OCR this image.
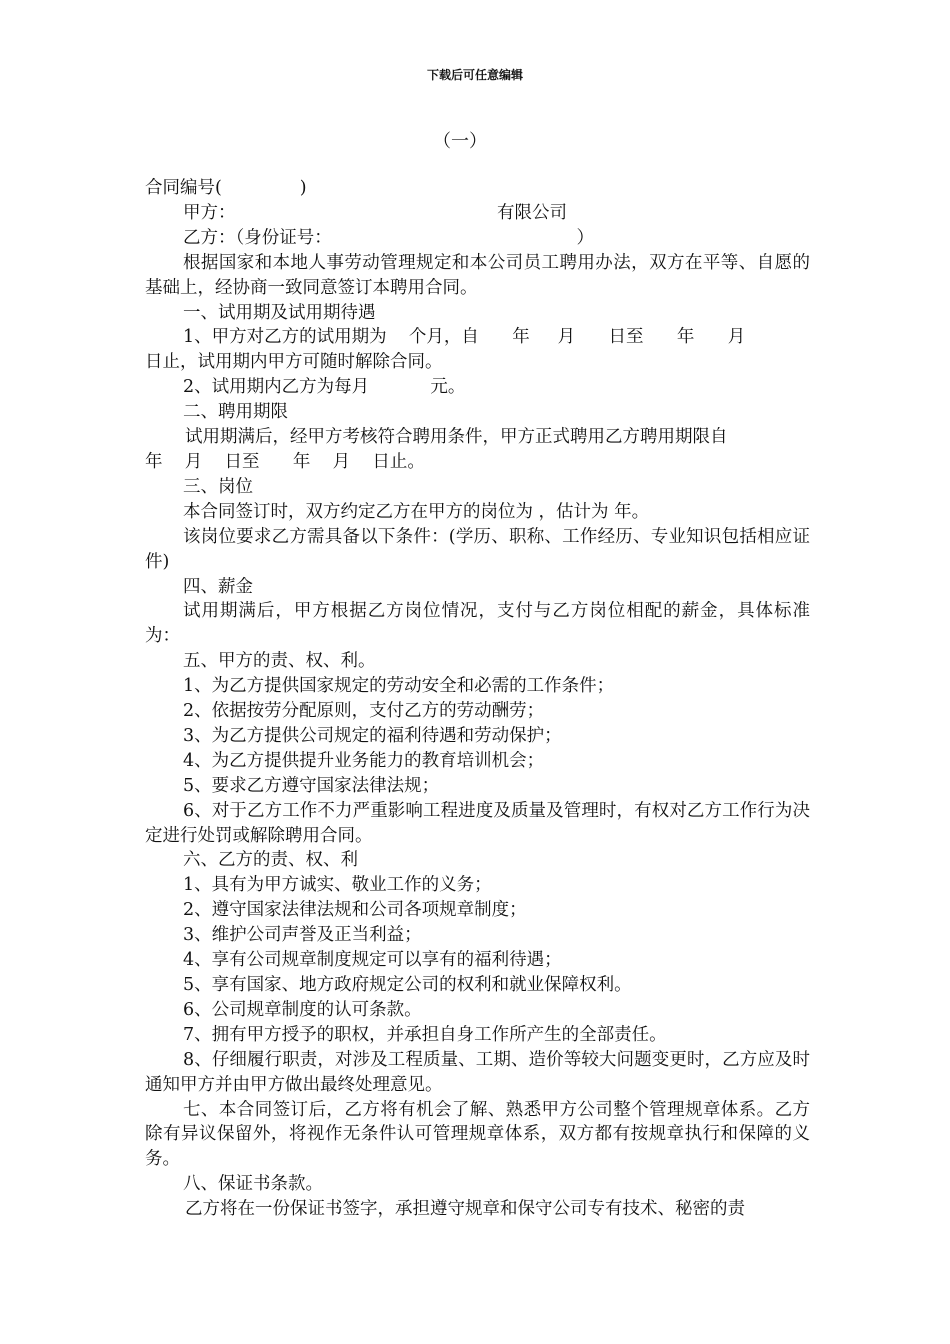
下载后可任意编辑
（一）

合同编号(              )

甲方：                                               有限公司

乙方：（身份证号：                                            ）

根据国家和本地人事劳动管理规定和本公司员工聘用办法，双方在平等、自愿的基础上，经协商一致同意签订本聘用合同。

一、试用期及试用期待遇

1、甲方对乙方的试用期为    个月，自      年     月      日至      年      月

日止，试用期内甲方可随时解除合同。

2、试用期内乙方为每月           元。

二、聘用期限

试用期满后，经甲方考核符合聘用条件，甲方正式聘用乙方聘用期限自

年    月    日至      年    月    日止。

三、岗位

本合同签订时，双方约定乙方在甲方的岗位为 ，估计为 年。

该岗位要求乙方需具备以下条件：(学历、职称、工作经历、专业知识包括相应证件)

四、薪金

试用期满后，甲方根据乙方岗位情况，支付与乙方岗位相配的薪金，具体标准为：

五、甲方的责、权、利。

1、为乙方提供国家规定的劳动安全和必需的工作条件；

2、依据按劳分配原则，支付乙方的劳动酬劳；

3、为乙方提供公司规定的福利待遇和劳动保护；

4、为乙方提供提升业务能力的教育培训机会；

5、要求乙方遵守国家法律法规；

6、对于乙方工作不力严重影响工程进度及质量及管理时，有权对乙方工作行为决定进行处罚或解除聘用合同。

六、乙方的责、权、利

1、具有为甲方诚实、敬业工作的义务；

2、遵守国家法律法规和公司各项规章制度；

3、维护公司声誉及正当利益；

4、享有公司规章制度规定可以享有的福利待遇；

5、享有国家、地方政府规定公司的权利和就业保障权利。

6、公司规章制度的认可条款。

7、拥有甲方授予的职权，并承担自身工作所产生的全部责任。

8、仔细履行职责，对涉及工程质量、工期、造价等较大问题变更时，乙方应及时通知甲方并由甲方做出最终处理意见。

七、本合同签订后，乙方将有机会了解、熟悉甲方公司整个管理规章体系。乙方除有异议保留外，将视作无条件认可管理规章体系，双方都有按规章执行和保障的义务。

八、保证书条款。

乙方将在一份保证书签字，承担遵守规章和保守公司专有技术、秘密的责
